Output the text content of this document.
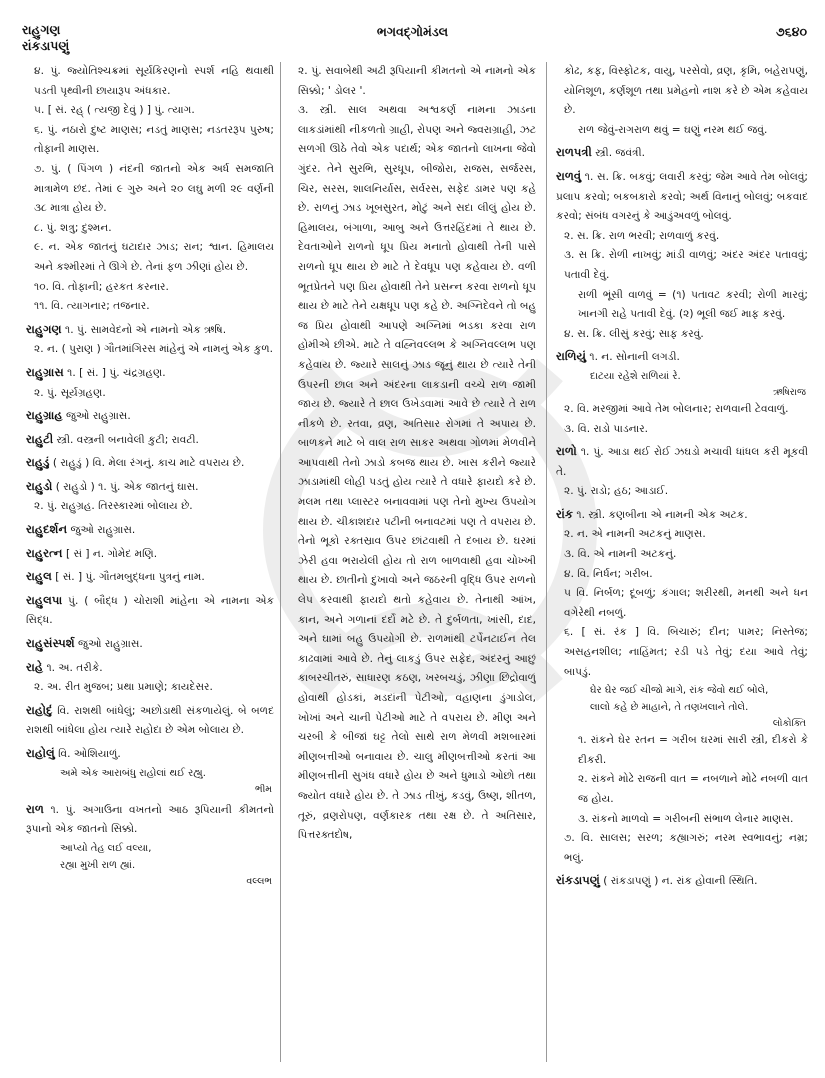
રાહુગણ
રાંકડાપણું
ભગવદ્ગોમંડલ	૭૬૪૦
૪. પું. જ્યોતિશ્ચક્રમાં સૂર્યકિરણનો સ્પર્શ નહિ થવાથી પડતી પૃથ્વીની છાયારૂપ અંધકાર.
૫. [ સં. રહ્ ( ત્યજી દેવું ) ] પું. ત્યાગ.
૬. પું. નઠારો દુષ્ટ માણસ; નડતું માણસ; નડતરરૂપ પુરુષ; તોફાની માણસ.
૭. પું. ( પિંગળ ) નંદની જાતનો એક અર્ધ સમજાતિ માત્રામેળ છંદ. તેમાં ૯ ગુરુ અને ૨૦ લઘુ મળી ૨૯ વર્ણની ૩૮ માત્રા હોય છે.
૮. પું. શત્રુ; દુશ્મન.
૯. ન. એક જાતનું ઘટાદાર ઝાડ; રાન; શ્વાન. હિમાલય અને કશ્મીરમાં તે ઊગે છે. તેનાં ફળ ઝીણાં હોય છે.
૧૦. વિ. તોફાની; હરકત કરનાર.
૧૧. વિ. ત્યાગનાર; તજનાર.
રાહુગણ ૧. પું. સામવેદનો એ નામનો એક ઋષિ.
૨. ન. ( પુરાણ ) ગૌતમાંગિરસ માંહેનું એ નામનું એક કુળ.
રાહુગ્રાસ ૧. [ સં. ] પું. ચંદ્રગ્રહણ.
૨. પું. સૂર્યગ્રહણ.
રાહુગ્રાહ જુઓ રાહુગ્રાસ.
રાહુટી સ્ત્રી. વસ્ત્રની બનાવેલી કુટી; રાવટી.
રાહુડું ( રાહુડું ) વિ. મેલા રંગનું. કાચ માટે વપરાય છે.
રાહુડો ( રાહુડો ) ૧. પું. એક જાતનું ઘાસ.
૨. પું. રાહુગ્રહ. તિરસ્કારમાં બોલાય છે.
રાહુદર્શન જુઓ રાહુગ્રાસ.
રાહુરત્ન [ સં ] ન. ગોમેદ મણિ.
રાહુલ [ સં. ] પું. ગૌતમબુદ્ધના પુત્રનું નામ.
રાહુલપા પું. ( બૌદ્ધ ) ચોરાશી માંહેના એ નામના એક સિદ્ધ.
રાહુસંસ્પર્શ જુઓ રાહુગ્રાસ.
રાહે ૧. અ. તરીકે.
૨. અ. રીત મુજબ; પ્રથા પ્રમાણે; કાયદેસર.
રાહોદું વિ. રાશથી બાંધેલું; અછોડાથી સંકળાયેલું. બે બળદ રાશથી બાંધેલા હોય ત્યારે રાહોદા છે એમ બોલાય છે.
રાહોલું વિ. ઓશિયાળું.
અમે એક આરાબંધુ રાહોલાં થઈ રહ્યુ.
ભીમ
રાળ ૧. પું. અગાઉના વખતનો આઠ રૂપિયાની કીમતનો રૂપાનો એક જાતનો સિક્કો.
આપ્યો તેહ લઈ વલ્યા,
રહ્યા મુખી રાળ હ્યાં.
વલ્લભ
૨. પું. સવાબેથી અઢી રૂપિયાની કીમતનો એ નામનો એક સિક્કો; ' ડોલર '.
૩. સ્ત્રી. સાલ અથવા અશ્વકર્ણ નામના ઝાડના લાકડાંમાંથી નીકળતો ગ્રાહી, રોપણ અને જ્વરાગ્રાહી, ઝટ સળગી ઊઠે તેવો એક પદાર્થ; એક જાતનો લાખના જેવો ગુંદર. તેને સુરભિ, સુરધૂપ, બીજોરા, રાજસ, સર્જરસ, ચિર, સરસ, શાલનિર્યાસ, સર્વરસ, સફેદ ડામર પણ કહે છે. રાળનું ઝાડ ખૂબસુરત, મોટું અને સદા લીલું હોય છે. હિમાલય, બંગાળા, આબુ અને ઉત્તરહિંદમાં તે થાય છે. દેવતાઓને રાળનો ધૂપ પ્રિય મનાતો હોવાથી તેની પાસે રાળનો ધૂપ થાય છે માટે તે દેવધૂપ પણ કહેવાય છે. વળી ભૂતપ્રેતને પણ પ્રિય હોવાથી તેને પ્રસન્ન કરવા રાળનો ધૂપ થાય છે માટે તેને યક્ષધૂપ પણ કહે છે. અગ્નિદેવને તો બહુ જ પ્રિય હોવાથી આપણે અગ્નિમાં ભડકા કરવા રાળ હોમીએ છીએ. માટે તે વહ્નિવલ્લભ કે અગ્નિવલ્લભ પણ કહેવાય છે. જ્યારે સાલનું ઝાડ જૂનું થાય છે ત્યારે તેની ઉપરની છાલ અને અંદરના લાકડાની વચ્ચે રાળ જામી જાય છે. જ્યારે તે છાલ ઉખેડવામાં આવે છે ત્યારે તે રાળ નીકળે છે. રતવા, વ્રણ, અતિસાર રોગમાં તે અપાય છે. બાળકને માટે બે વાલ રાળ સાકર અથવા ગોળમાં મેળવીને આપવાથી તેનો ઝાડો કબજ થાય છે. ખાસ કરીને જ્યારે ઝાડામાંથી લોહી પડતું હોય ત્યારે તે વધારે ફાયદો કરે છે. મલમ તથા પ્લાસ્ટર બનાવવામાં પણ તેનો મુખ્ય ઉપયોગ થાય છે. ચીકાશદાર પટીની બનાવટમાં પણ તે વપરાય છે. તેનો ભૂકો રક્તસ્રાવ ઉપર છાંટવાથી તે દબાય છે. ઘરમાં ઝેરી હવા ભરાયેલી હોય તો રાળ બાળવાથી હવા ચોખ્ખી થાય છે. છાતીનો દુખાવો અને જઠરની વૃદ્ધિ ઉપર રાળનો લેપ કરવાથી ફાયદો થતો કહેવાય છે. તેનાથી આંખ, કાન, અને ગળાનાં દર્દો મટે છે. તે દુર્બળતા, ખાંસી, દાદ, અને ઘામાં બહુ ઉપયોગી છે. રાળમાંથી ટર્પેનટાઈન તેલ કાઢવામાં આવે છે. તેનું લાકડું ઉપર સફેદ, અંદરનું આછું કાબરચીતરું, સાધારણ કઠણ, ખરબચડું, ઝીણા છિદ્રોવાળું હોવાથી હોડકાં, મડદાંની પેટીઓ, વહાણના ડુંગાડોલ, ખોખાં અને ચાની પેટીઓ માટે તે વપરાય છે. મીણ અને ચરબી કે બીજાં ઘટ્ટ તેલો સાથે રાળ મેળવી મશબારમાં મીણબત્તીઓ બનાવાય છે. ચાલુ મીણબત્તીઓ કરતાં આ મીણબત્તીની સુગંધ વધારે હોય છે અને ધુમાડો ઓછો તથા જ્યોત વધારે હોય છે. તે ઝાડ તીખું, કડવું, ઉષ્ણ, શીતળ, તૂરું, વ્રણરોપણ, વર્ણકારક તથા રક્ષ છે. તે અતિસાર, પિત્તરક્તદોષ,
કોઢ, કફ, વિસ્ફોટક, વાયુ, પરસેવો, વ્રણ, કૃમિ, બહેરાપણું, યોનિશૂળ, કર્ણશૂળ તથા પ્રમેહનો નાશ કરે છે એમ કહેવાય છે.
રાળ જેવું-રાગરાળ થવું = ઘણું નરમ થઈ જવું.
રાળપત્રી સ્ત્રી. જવંત્રી.
રાળવું ૧. સ. ક્રિ. બકવું; લવારી કરવું; જેમ આવે તેમ બોલવું; પ્રલાપ કરવો; બકબકારો કરવો; અર્થ વિનાનું બોલવું; બકવાદ કરવો; સંબંધ વગરનું કે આડુંઅવળું બોલવું.
૨. સ. ક્રિ. રાળ ભરવી; રાળવાળું કરવું.
૩. સ ક્રિ. રોળી નાખવું; માંડી વાળવું; અંદર અંદર પતાવવું; પતાવી દેવું.
રાળી ભૂંસી વાળવું = (૧) પતાવટ કરવી; રોળી મારવું; ખાનગી રાહે પતાવી દેવું. (૨) ભૂલી જઈ માફ કરવું.
૪. સ. ક્રિ. લીસું કરવું; સાફ કરવું.
રાળિયું ૧. ન. સોનાની લગડી.
દાટયા રહેશે રાળિયાં રે.
ઋષિરાજ
૨. વિ. મરજીમાં આવે તેમ બોલનાર; રાળવાની ટેવવાળું.
૩. વિ. રાડો પાડનાર.
રાળો ૧. પું. આડા થઈ રોઈ ઝઘડો મચાવી ધાંધલ કરી મૂકવી તે.
૨. પું. રાડો; હઠ; આડાઈ.
રાંક ૧. સ્ત્રી. કણબીના એ નામની એક અટક.
૨. ન. એ નામની અટકનું માણસ.
૩. વિ. એ નામની અટકનું.
૪. વિ. નિર્ધન; ગરીબ.
૫ વિ. નિર્બળ; દૂબળું; કંગાલ; શરીરથી, મનથી અને ધન વગેરેથી નબળું.
૬. [ સં. રંક ] વિ. બિચારું; દીન; પામર; નિસ્તેજ; અસહનશીલ; નાહિંમત; રડી પડે તેવું; દયા આવે તેવું; બાપડું.
ઘેર ઘેર જઈ ચીજો માગે, રાંક જેવો થઈ બોલે,
લાલો કહે છે માહાને, તે તણખલાને તોલે.
લોકોક્તિ
૧. રાંકને ઘેર રતન = ગરીબ ઘરમાં સારી સ્ત્રી, દીકરો કે દીકરી.
૨. રાંકને મોઢે રાજની વાત = નબળાને મોઢે નબળી વાત જ હોય.
૩. રાંકનો માળવો = ગરીબની સંભાળ લેનાર માણસ.
૭. વિ. સાલસ; સરળ; કહ્યાગરું; નરમ સ્વભાવનું; નમ્ર; ભલું.
રાંકડાપણું ( રાંકડાપણું ) ન. રાંક હોવાની સ્થિતિ.
